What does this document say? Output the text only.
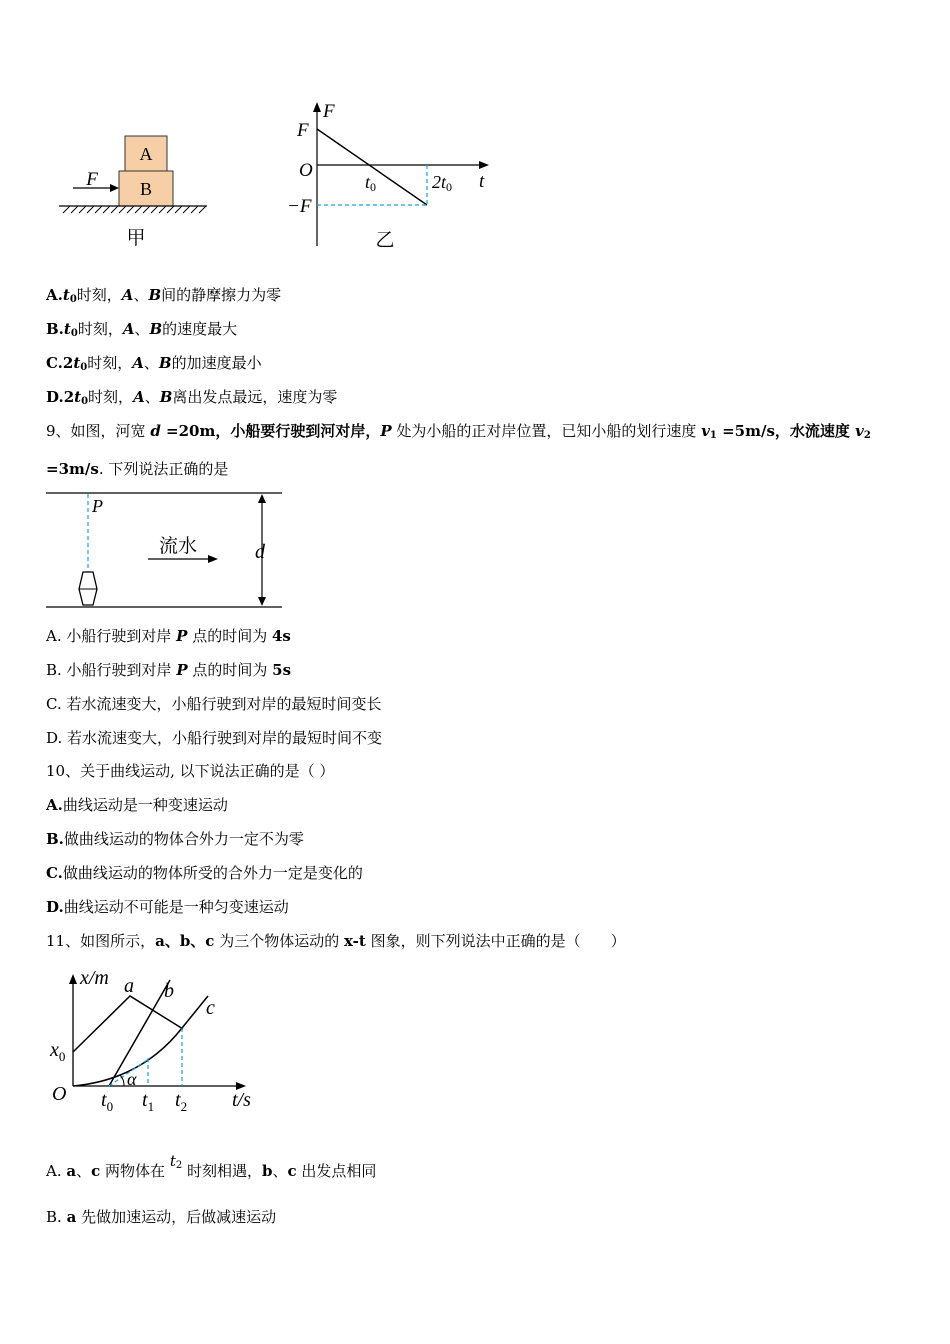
A
B
F
甲
F
t
O
F
−F
t0	2t0
乙
$A.t_0$时刻，A、B间的静摩擦力为零
$B.t_0$时刻，A、B的速度最大
$C.2t_0$时刻，A、B的加速度最小
$D.2t_0$时刻，A、B离出发点最远，速度为零
9、如图，河宽 d =20m，小船要行驶到河对岸，P 处为小船的正对岸位置，已知小船的划行速度 $v_1 =5m/s$，水流速度 $v_2$
=3m/s. 下列说法正确的是
P
流水	d
A. 小船行驶到对岸 P 点的时间为 4s
B. 小船行驶到对岸 P 点的时间为 5s
C. 若水流速变大，小船行驶到对岸的最短时间变长
D. 若水流速变大，小船行驶到对岸的最短时间不变
10、关于曲线运动, 以下说法正确的是（ ）
A.曲线运动是一种变速运动
B.做曲线运动的物体合外力一定不为零
C.做曲线运动的物体所受的合外力一定是变化的
D.曲线运动不可能是一种匀变速运动
11、如图所示，a、b、c 为三个物体运动的 x-t 图象，则下列说法中正确的是（　　）
x/m
t/s
O
$x_0$
a b
c
α
$t_0$ $t_1$ $t_2$
A. a、c 两物体在 $t_2$ 时刻相遇，b、c 出发点相同
B. a 先做加速运动，后做减速运动
